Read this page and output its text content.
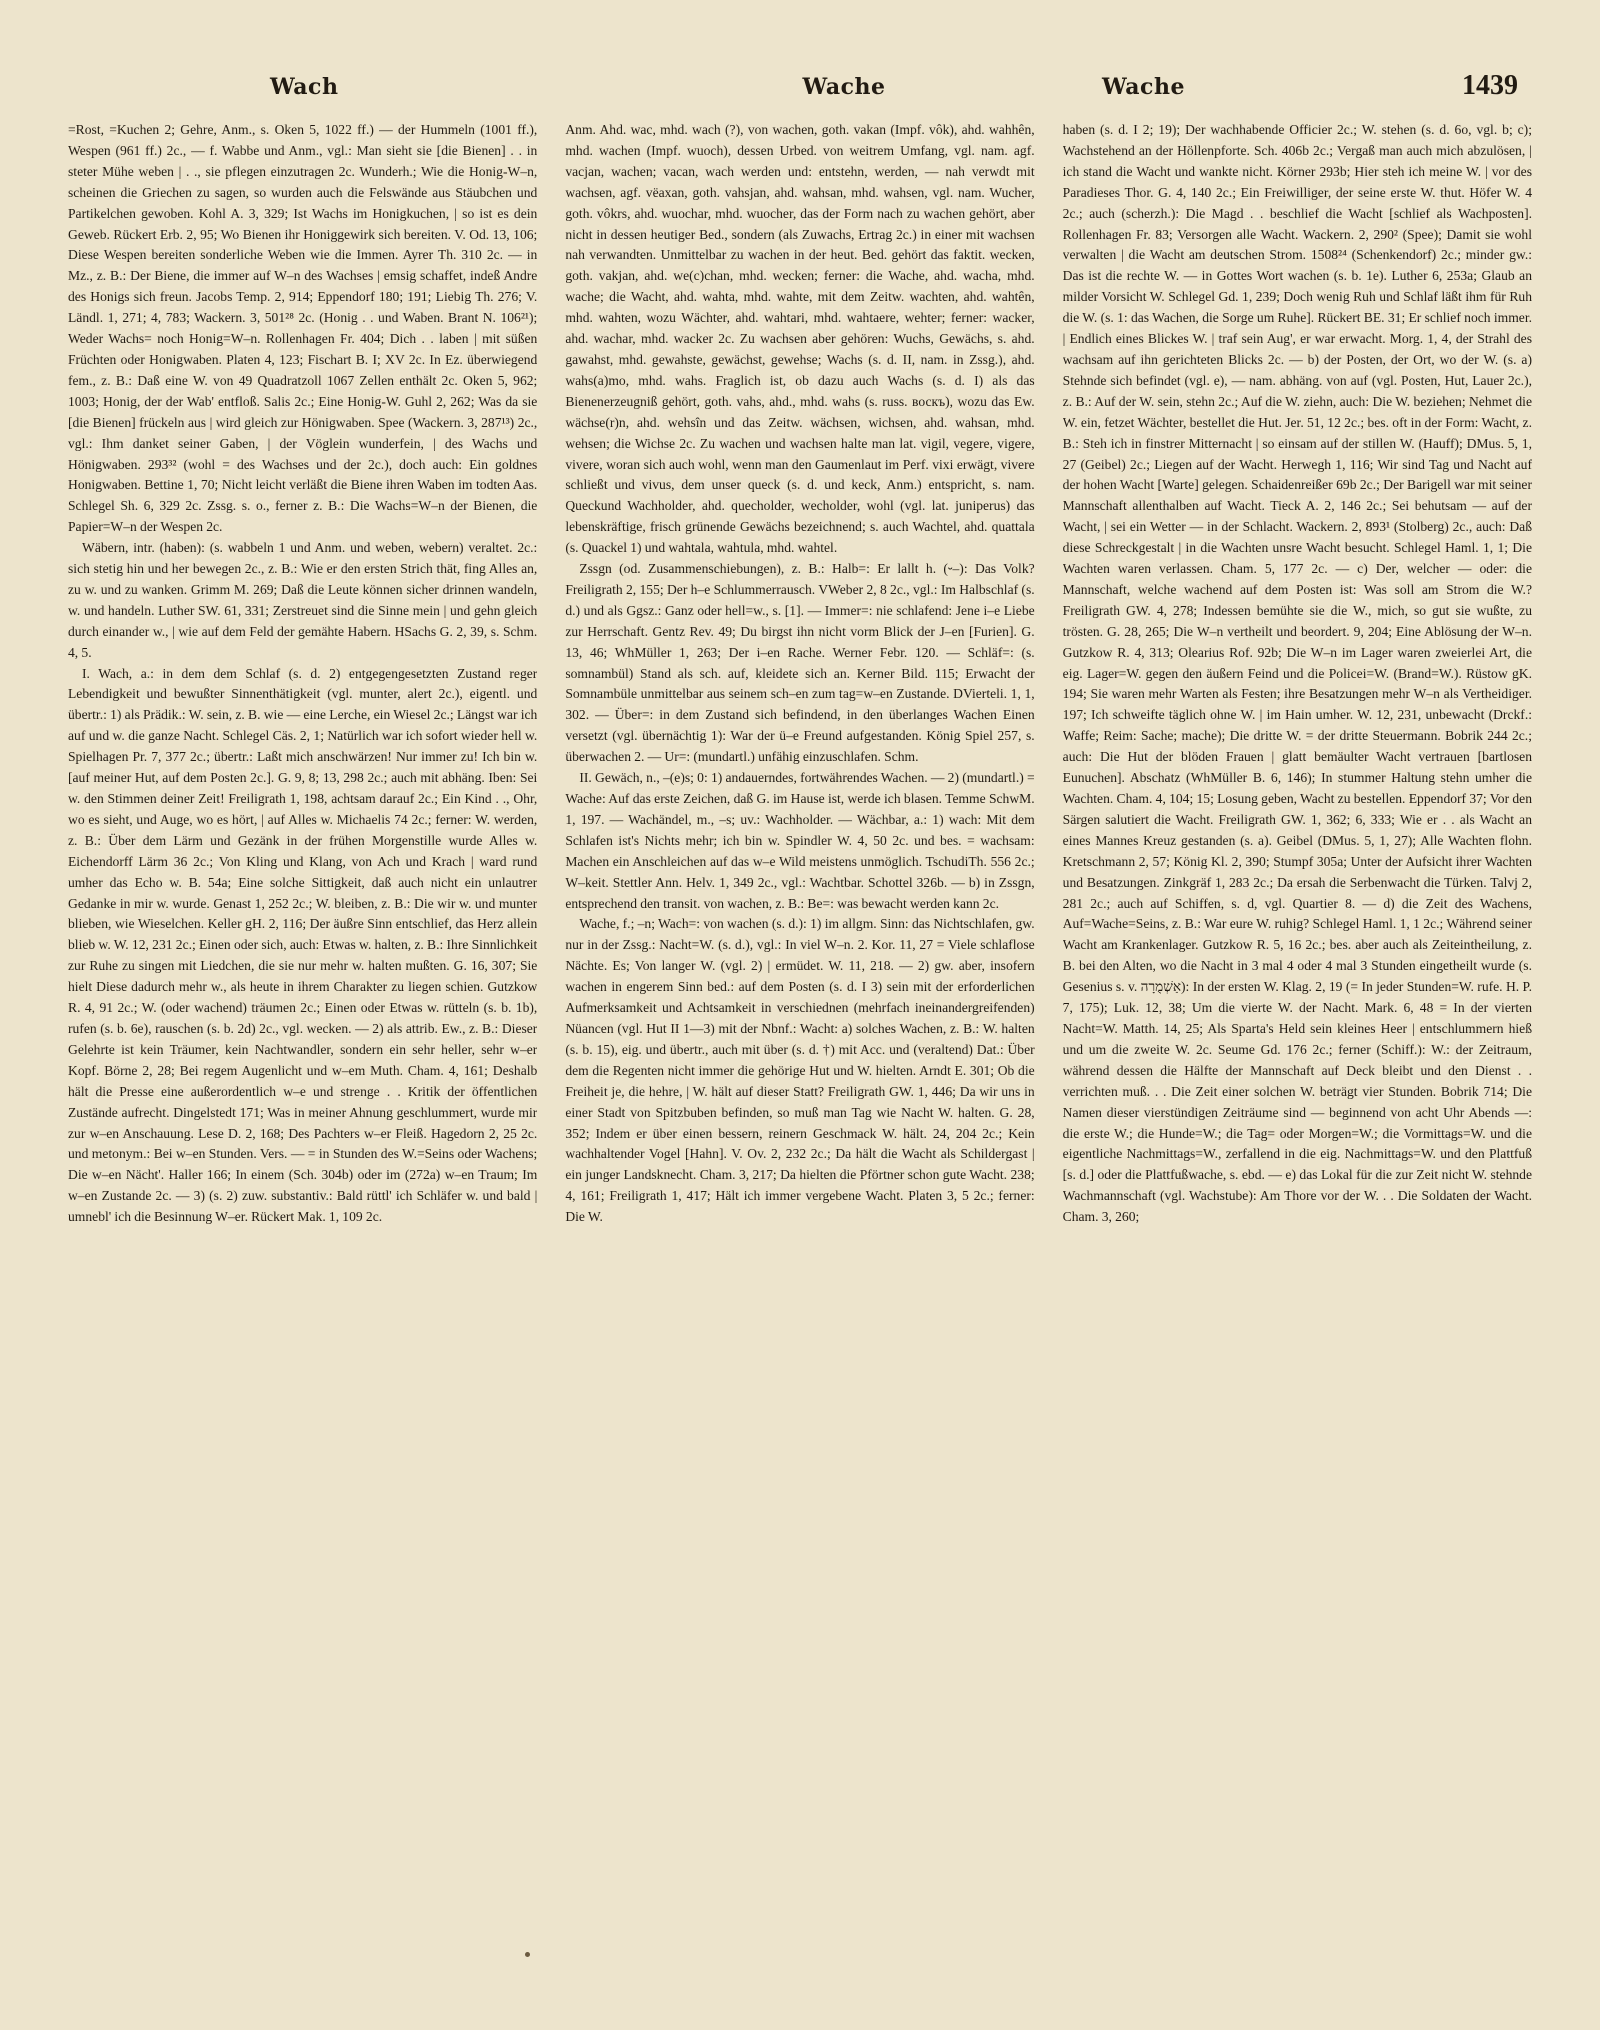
Wach	Wache	Wache	1439

=Rost, =Kuchen 2; Gehre, Anm., s. Oken 5, 1022 ff.) — der Hummeln (1001 ff.), Wespen (961 ff.) 2c., — f. Wabbe und Anm., vgl.: Man sieht sie [die Bienen] . . in steter Mühe weben | . ., sie pflegen einzutragen 2c. Wunderh.; Wie die Honig-W–n, scheinen die Griechen zu sagen, so wurden auch die Felswände aus Stäubchen und Partikelchen gewoben. Kohl A. 3, 329; Ist Wachs im Honigkuchen, | so ist es dein Geweb. Rückert Erb. 2, 95; Wo Bienen ihr Honiggewirk sich bereiten. V. Od. 13, 106; Diese Wespen bereiten sonderliche Weben wie die Immen. Ayrer Th. 310 2c. — in Mz., z. B.: Der Biene, die immer auf W–n des Wachses | emsig schaffet, indeß Andre des Honigs sich freun. Jacobs Temp. 2, 914; Eppendorf 180; 191; Liebig Th. 276; V. Ländl. 1, 271; 4, 783; Wackern. 3, 501²⁸ 2c. (Honig . . und Waben. Brant N. 106²¹); Weder Wachs= noch Honig=W–n. Rollenhagen Fr. 404; Dich . . laben | mit süßen Früchten oder Honigwaben. Platen 4, 123; Fischart B. I; XV 2c. In Ez. überwiegend fem., z. B.: Daß eine W. von 49 Quadratzoll 1067 Zellen enthält 2c. Oken 5, 962; 1003; Honig, der der Wab' entfloß. Salis 2c.; Eine Honig-W. Guhl 2, 262; Was da sie [die Bienen] frückeln aus | wird gleich zur Hönigwaben. Spee (Wackern. 3, 287¹³) 2c., vgl.: Ihm danket seiner Gaben, | der Vöglein wunderfein, | des Wachs und Hönigwaben. 293³² (wohl = des Wachses und der 2c.), doch auch: Ein goldnes Honigwaben. Bettine 1, 70; Nicht leicht verläßt die Biene ihren Waben im todten Aas. Schlegel Sh. 6, 329 2c. Zssg. s. o., ferner z. B.: Die Wachs=W–n der Bienen, die Papier=W–n der Wespen 2c.

Wäbern, intr. (haben): (s. wabbeln 1 und Anm. und weben, webern) veraltet. 2c.: sich stetig hin und her bewegen 2c., z. B.: Wie er den ersten Strich thät, fing Alles an, zu w. und zu wanken. Grimm M. 269; Daß die Leute können sicher drinnen wandeln, w. und handeln. Luther SW. 61, 331; Zerstreuet sind die Sinne mein | und gehn gleich durch einander w., | wie auf dem Feld der gemähte Habern. HSachs G. 2, 39, s. Schm. 4, 5.

I. Wach, a.: in dem dem Schlaf (s. d. 2) entgegengesetzten Zustand reger Lebendigkeit und bewußter Sinnenthätigkeit (vgl. munter, alert 2c.), eigentl. und übertr.: 1) als Prädik.: W. sein, z. B. wie — eine Lerche, ein Wiesel 2c.; Längst war ich auf und w. die ganze Nacht. Schlegel Cäs. 2, 1; Natürlich war ich sofort wieder hell w. Spielhagen Pr. 7, 377 2c.; übertr.: Laßt mich anschwärzen! Nur immer zu! Ich bin w. [auf meiner Hut, auf dem Posten 2c.]. G. 9, 8; 13, 298 2c.; auch mit abhäng. Iben: Sei w. den Stimmen deiner Zeit! Freiligrath 1, 198, achtsam darauf 2c.; Ein Kind . ., Ohr, wo es sieht, und Auge, wo es hört, | auf Alles w. Michaelis 74 2c.; ferner: W. werden, z. B.: Über dem Lärm und Gezänk in der frühen Morgenstille wurde Alles w. Eichendorff Lärm 36 2c.; Von Kling und Klang, von Ach und Krach | ward rund umher das Echo w. B. 54a; Eine solche Sittigkeit, daß auch nicht ein unlautrer Gedanke in mir w. wurde. Genast 1, 252 2c.; W. bleiben, z. B.: Die wir w. und munter blieben, wie Wieselchen. Keller gH. 2, 116; Der äußre Sinn entschlief, das Herz allein blieb w. W. 12, 231 2c.; Einen oder sich, auch: Etwas w. halten, z. B.: Ihre Sinnlichkeit zur Ruhe zu singen mit Liedchen, die sie nur mehr w. halten mußten. G. 16, 307; Sie hielt Diese dadurch mehr w., als heute in ihrem Charakter zu liegen schien. Gutzkow R. 4, 91 2c.; W. (oder wachend) träumen 2c.; Einen oder Etwas w. rütteln (s. b. 1b), rufen (s. b. 6e), rauschen (s. b. 2d) 2c., vgl. wecken. — 2) als attrib. Ew., z. B.: Dieser Gelehrte ist kein Träumer, kein Nachtwandler, sondern ein sehr heller, sehr w–er Kopf. Börne 2, 28; Bei regem Augenlicht und w–em Muth. Cham. 4, 161; Deshalb hält die Presse eine außerordentlich w–e und strenge . . Kritik der öffentlichen Zustände aufrecht. Dingelstedt 171; Was in meiner Ahnung geschlummert, wurde mir zur w–en Anschauung. Lese D. 2, 168; Des Pachters w–er Fleiß. Hagedorn 2, 25 2c. und metonym.: Bei w–en Stunden. Vers. — = in Stunden des W.=Seins oder Wachens; Die w–en Nächt'. Haller 166; In einem (Sch. 304b) oder im (272a) w–en Traum; Im w–en Zustande 2c. — 3) (s. 2) zuw. substantiv.: Bald rüttl' ich Schläfer w. und bald | umnebl' ich die Besinnung W–er. Rückert Mak. 1, 109 2c.

Anm. Ahd. wac, mhd. wach (?), von wachen, goth. vakan (Impf. vôk), ahd. wahhên, mhd. wachen (Impf. wuoch), dessen Urbed. von weitrem Umfang, vgl. nam. agf. vacjan, wachen; vacan, wach werden und: entstehn, werden, — nah verwdt mit wachsen, agf. vëaxan, goth. vahsjan, ahd. wahsan, mhd. wahsen, vgl. nam. Wucher, goth. vôkrs, ahd. wuochar, mhd. wuocher, das der Form nach zu wachen gehört, aber nicht in dessen heutiger Bed., sondern (als Zuwachs, Ertrag 2c.) in einer mit wachsen nah verwandten. Unmittelbar zu wachen in der heut. Bed. gehört das faktit. wecken, goth. vakjan, ahd. we(c)chan, mhd. wecken; ferner: die Wache, ahd. wacha, mhd. wache; die Wacht, ahd. wahta, mhd. wahte, mit dem Zeitw. wachten, ahd. wahtên, mhd. wahten, wozu Wächter, ahd. wahtari, mhd. wahtaere, wehter; ferner: wacker, ahd. wachar, mhd. wacker 2c. Zu wachsen aber gehören: Wuchs, Gewächs, s. ahd. gawahst, mhd. gewahste, gewächst, gewehse; Wachs (s. d. II, nam. in Zssg.), ahd. wahs(a)mo, mhd. wahs. Fraglich ist, ob dazu auch Wachs (s. d. I) als das Bienenerzeugniß gehört, goth. vahs, ahd., mhd. wahs (s. russ. воскъ), wozu das Ew. wächse(r)n, ahd. wehsîn und das Zeitw. wächsen, wichsen, ahd. wahsan, mhd. wehsen; die Wichse 2c. Zu wachen und wachsen halte man lat. vigil, vegere, vigere, vivere, woran sich auch wohl, wenn man den Gaumenlaut im Perf. vixi erwägt, vivere schließt und vivus, dem unser queck (s. d. und keck, Anm.) entspricht, s. nam. Queckund Wachholder, ahd. quecholder, wecholder, wohl (vgl. lat. juniperus) das lebenskräftige, frisch grünende Gewächs bezeichnend; s. auch Wachtel, ahd. quattala (s. Quackel 1) und wahtala, wahtula, mhd. wahtel.

Zssgn (od. Zusammenschiebungen), z. B.: Halb=: Er lallt h. (⏑–): Das Volk? Freiligrath 2, 155; Der h–e Schlummerrausch. VWeber 2, 8 2c., vgl.: Im Halbschlaf (s. d.) und als Ggsz.: Ganz oder hell=w., s. [1]. — Immer=: nie schlafend: Jene i–e Liebe zur Herrschaft. Gentz Rev. 49; Du birgst ihn nicht vorm Blick der J–en [Furien]. G. 13, 46; WhMüller 1, 263; Der i–en Rache. Werner Febr. 120. — Schläf=: (s. somnambül) Stand als sch. auf, kleidete sich an. Kerner Bild. 115; Erwacht der Somnambüle unmittelbar aus seinem sch–en zum tag=w–en Zustande. DVierteli. 1, 1, 302. — Über=: in dem Zustand sich befindend, in den überlanges Wachen Einen versetzt (vgl. übernächtig 1): War der ü–e Freund aufgestanden. König Spiel 257, s. überwachen 2. — Ur=: (mundartl.) unfähig einzuschlafen. Schm.

II. Gewäch, n., –(e)s; 0: 1) andauerndes, fortwährendes Wachen. — 2) (mundartl.) = Wache: Auf das erste Zeichen, daß G. im Hause ist, werde ich blasen. Temme SchwM. 1, 197. — Wachändel, m., –s; uv.: Wachholder. — Wächbar, a.: 1) wach: Mit dem Schlafen ist's Nichts mehr; ich bin w. Spindler W. 4, 50 2c. und bes. = wachsam: Machen ein Anschleichen auf das w–e Wild meistens unmöglich. TschudiTh. 556 2c.; W–keit. Stettler Ann. Helv. 1, 349 2c., vgl.: Wachtbar. Schottel 326b. — b) in Zssgn, entsprechend den transit. von wachen, z. B.: Be=: was bewacht werden kann 2c.

Wache, f.; –n; Wach=: von wachen (s. d.): 1) im allgm. Sinn: das Nichtschlafen, gw. nur in der Zssg.: Nacht=W. (s. d.), vgl.: In viel W–n. 2. Kor. 11, 27 = Viele schlaflose Nächte. Es; Von langer W. (vgl. 2) | ermüdet. W. 11, 218. — 2) gw. aber, insofern wachen in engerem Sinn bed.: auf dem Posten (s. d. I 3) sein mit der erforderlichen Aufmerksamkeit und Achtsamkeit in verschiednen (mehrfach ineinandergreifenden) Nüancen (vgl. Hut II 1—3) mit der Nbnf.: Wacht: a) solches Wachen, z. B.: W. halten (s. b. 15), eig. und übertr., auch mit über (s. d. †) mit Acc. und (veraltend) Dat.: Über dem die Regenten nicht immer die gehörige Hut und W. hielten. Arndt E. 301; Ob die Freiheit je, die hehre, | W. hält auf dieser Statt? Freiligrath GW. 1, 446; Da wir uns in einer Stadt von Spitzbuben befinden, so muß man Tag wie Nacht W. halten. G. 28, 352; Indem er über einen bessern, reinern Geschmack W. hält. 24, 204 2c.; Kein wachhaltender Vogel [Hahn]. V. Ov. 2, 232 2c.; Da hält die Wacht als Schildergast | ein junger Landsknecht. Cham. 3, 217; Da hielten die Pförtner schon gute Wacht. 238; 4, 161; Freiligrath 1, 417; Hält ich immer vergebene Wacht. Platen 3, 5 2c.; ferner: Die W.

haben (s. d. I 2; 19); Der wachhabende Officier 2c.; W. stehen (s. d. 6o, vgl. b; c); Wachstehend an der Höllenpforte. Sch. 406b 2c.; Vergaß man auch mich abzulösen, | ich stand die Wacht und wankte nicht. Körner 293b; Hier steh ich meine W. | vor des Paradieses Thor. G. 4, 140 2c.; Ein Freiwilliger, der seine erste W. thut. Höfer W. 4 2c.; auch (scherzh.): Die Magd . . beschlief die Wacht [schlief als Wachposten]. Rollenhagen Fr. 83; Versorgen alle Wacht. Wackern. 2, 290² (Spee); Damit sie wohl verwalten | die Wacht am deutschen Strom. 1508²⁴ (Schenkendorf) 2c.; minder gw.: Das ist die rechte W. — in Gottes Wort wachen (s. b. 1e). Luther 6, 253a; Glaub an milder Vorsicht W. Schlegel Gd. 1, 239; Doch wenig Ruh und Schlaf läßt ihm für Ruh die W. (s. 1: das Wachen, die Sorge um Ruhe]. Rückert BE. 31; Er schlief noch immer. | Endlich eines Blickes W. | traf sein Aug', er war erwacht. Morg. 1, 4, der Strahl des wachsam auf ihn gerichteten Blicks 2c. — b) der Posten, der Ort, wo der W. (s. a) Stehnde sich befindet (vgl. e), — nam. abhäng. von auf (vgl. Posten, Hut, Lauer 2c.), z. B.: Auf der W. sein, stehn 2c.; Auf die W. ziehn, auch: Die W. beziehen; Nehmet die W. ein, fetzet Wächter, bestellet die Hut. Jer. 51, 12 2c.; bes. oft in der Form: Wacht, z. B.: Steh ich in finstrer Mitternacht | so einsam auf der stillen W. (Hauff); DMus. 5, 1, 27 (Geibel) 2c.; Liegen auf der Wacht. Herwegh 1, 116; Wir sind Tag und Nacht auf der hohen Wacht [Warte] gelegen. Schaidenreißer 69b 2c.; Der Barigell war mit seiner Mannschaft allenthalben auf Wacht. Tieck A. 2, 146 2c.; Sei behutsam — auf der Wacht, | sei ein Wetter — in der Schlacht. Wackern. 2, 893¹ (Stolberg) 2c., auch: Daß diese Schreckgestalt | in die Wachten unsre Wacht besucht. Schlegel Haml. 1, 1; Die Wachten waren verlassen. Cham. 5, 177 2c. — c) Der, welcher — oder: die Mannschaft, welche wachend auf dem Posten ist: Was soll am Strom die W.? Freiligrath GW. 4, 278; Indessen bemühte sie die W., mich, so gut sie wußte, zu trösten. G. 28, 265; Die W–n vertheilt und beordert. 9, 204; Eine Ablösung der W–n. Gutzkow R. 4, 313; Olearius Rof. 92b; Die W–n im Lager waren zweierlei Art, die eig. Lager=W. gegen den äußern Feind und die Policei=W. (Brand=W.). Rüstow gK. 194; Sie waren mehr Warten als Festen; ihre Besatzungen mehr W–n als Vertheidiger. 197; Ich schweifte täglich ohne W. | im Hain umher. W. 12, 231, unbewacht (Drckf.: Waffe; Reim: Sache; mache); Die dritte W. = der dritte Steuermann. Bobrik 244 2c.; auch: Die Hut der blöden Frauen | glatt bemäulter Wacht vertrauen [bartlosen Eunuchen]. Abschatz (WhMüller B. 6, 146); In stummer Haltung stehn umher die Wachten. Cham. 4, 104; 15; Losung geben, Wacht zu bestellen. Eppendorf 37; Vor den Särgen salutiert die Wacht. Freiligrath GW. 1, 362; 6, 333; Wie er . . als Wacht an eines Mannes Kreuz gestanden (s. a). Geibel (DMus. 5, 1, 27); Alle Wachten flohn. Kretschmann 2, 57; König Kl. 2, 390; Stumpf 305a; Unter der Aufsicht ihrer Wachten und Besatzungen. Zinkgräf 1, 283 2c.; Da ersah die Serbenwacht die Türken. Talvj 2, 281 2c.; auch auf Schiffen, s. d, vgl. Quartier 8. — d) die Zeit des Wachens, Auf=Wache=Seins, z. B.: War eure W. ruhig? Schlegel Haml. 1, 1 2c.; Während seiner Wacht am Krankenlager. Gutzkow R. 5, 16 2c.; bes. aber auch als Zeiteintheilung, z. B. bei den Alten, wo die Nacht in 3 mal 4 oder 4 mal 3 Stunden eingetheilt wurde (s. Gesenius s. v. אַשְׁמֻרָה): In der ersten W. Klag. 2, 19 (= In jeder Stunden=W. rufe. H. P. 7, 175); Luk. 12, 38; Um die vierte W. der Nacht. Mark. 6, 48 = In der vierten Nacht=W. Matth. 14, 25; Als Sparta's Held sein kleines Heer | entschlummern hieß und um die zweite W. 2c. Seume Gd. 176 2c.; ferner (Schiff.): W.: der Zeitraum, während dessen die Hälfte der Mannschaft auf Deck bleibt und den Dienst . . verrichten muß. . . Die Zeit einer solchen W. beträgt vier Stunden. Bobrik 714; Die Namen dieser vierstündigen Zeiträume sind — beginnend von acht Uhr Abends —: die erste W.; die Hunde=W.; die Tag= oder Morgen=W.; die Vormittags=W. und die eigentliche Nachmittags=W., zerfallend in die eig. Nachmittags=W. und den Plattfuß [s. d.] oder die Plattfußwache, s. ebd. — e) das Lokal für die zur Zeit nicht W. stehnde Wachmannschaft (vgl. Wachstube): Am Thore vor der W. . . Die Soldaten der Wacht. Cham. 3, 260;
